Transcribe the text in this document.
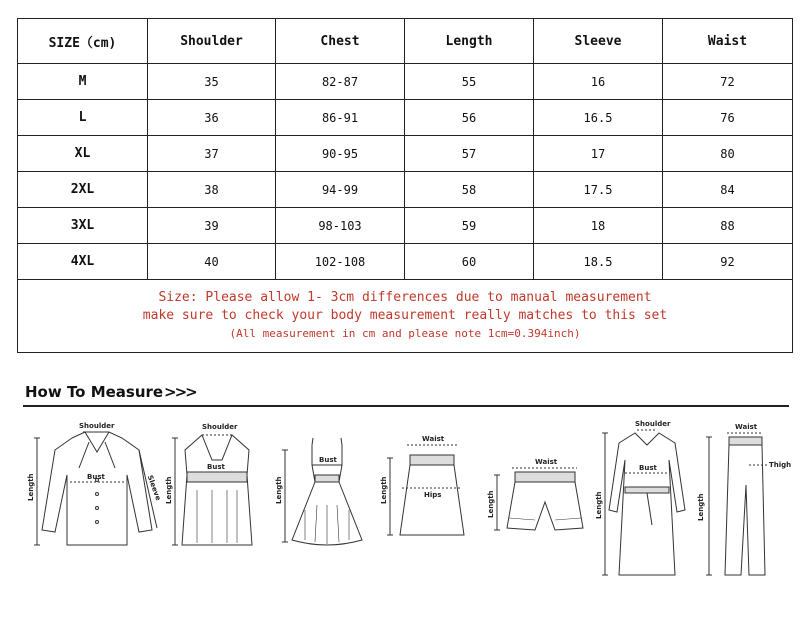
SIZE（cm)	Shoulder	Chest	Length	Sleeve	Waist
M	35	82-87	55	16	72
L	36	86-91	56	16.5	76
XL	37	90-95	57	17	80
2XL	38	94-99	58	17.5	84
3XL	39	98-103	59	18	88
4XL	40	102-108	60	18.5	92

Size: Please allow 1- 3cm differences due to manual measurement
make sure to check your body measurement really matches to this set
(All measurement in cm and please note 1cm=0.394inch)					
How To Measure >>>
Shoulder
Bust
Length	Sleeve
Shoulder
Bust
Length
Bust
Length
Waist
Hips
Length
Waist
Length
Shoulder
Bust
Length
Waist
Thigh
Length
